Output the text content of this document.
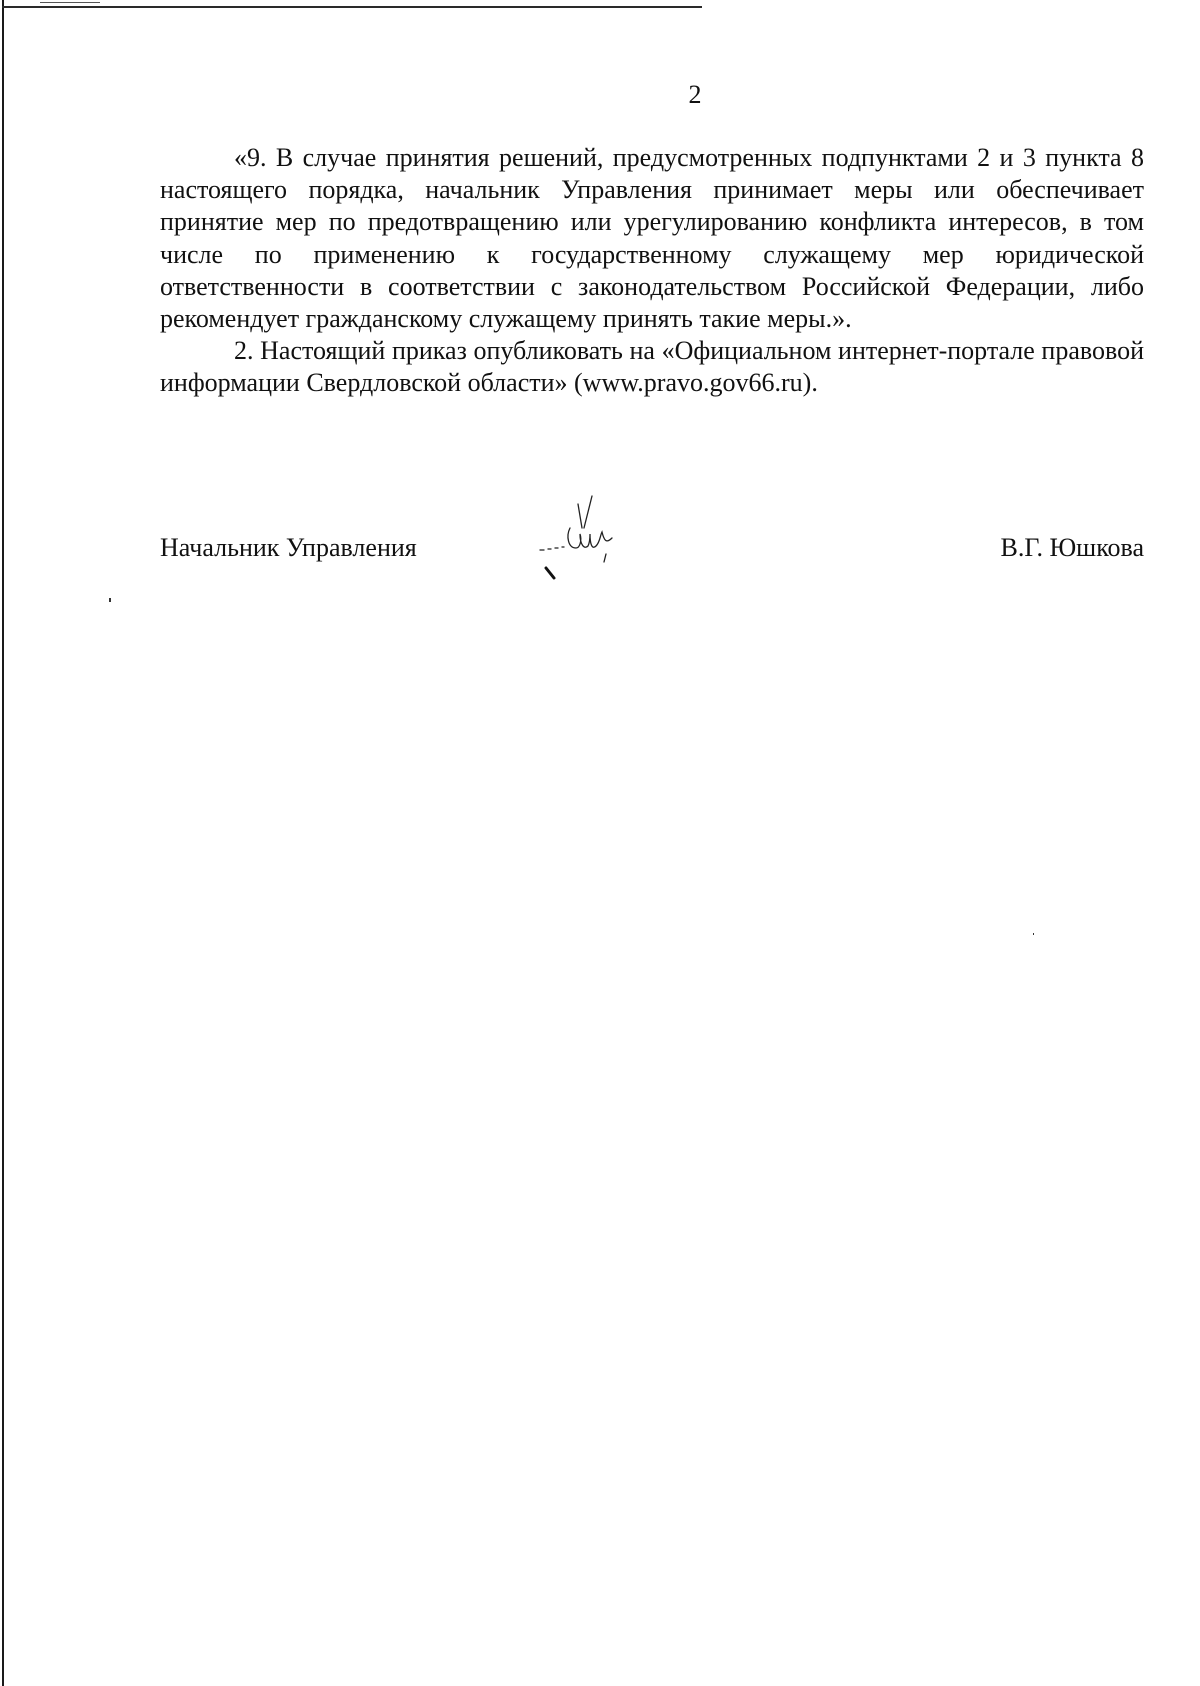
2

«9. В случае принятия решений, предусмотренных подпунктами 2 и 3 пункта 8 настоящего порядка, начальник Управления принимает меры или обеспечивает принятие мер по предотвращению или урегулированию конфликта интересов, в том числе по применению к государственному служащему мер юридической ответственности в соответствии с законодательством Российской Федерации, либо рекомендует гражданскому служащему принять такие меры.».

2. Настоящий приказ опубликовать на «Официальном интернет-портале правовой информации Свердловской области» (www.pravo.gov66.ru).

Начальник Управления	В.Г. Юшкова
